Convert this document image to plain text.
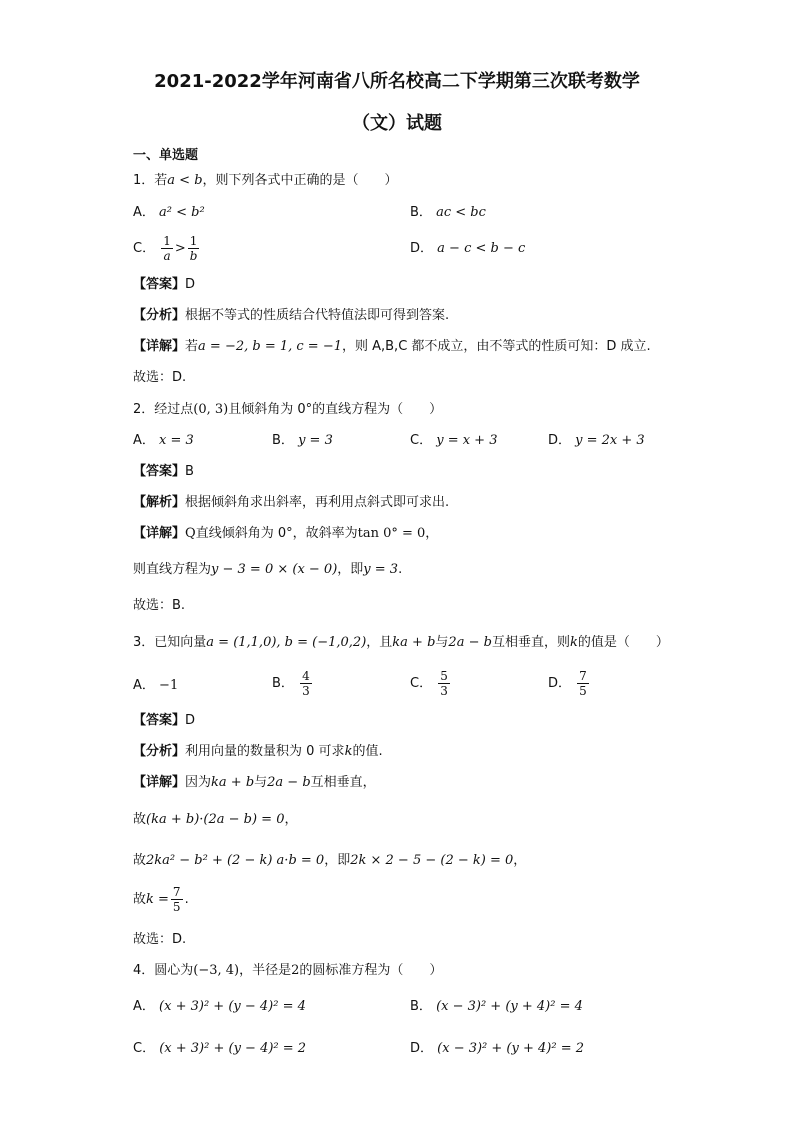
2021-2022学年河南省八所名校高二下学期第三次联考数学
（文）试题
一、单选题
1．若a < b，则下列各式中正确的是（　　）
A． a² < b²	B． ac < bc
C． $\frac{1}{a} > \frac{1}{b}$	D． a − c < b − c
【答案】D
【分析】根据不等式的性质结合代特值法即可得到答案.
【详解】若a = −2, b = 1, c = −1，则 A,B,C 都不成立，由不等式的性质可知：D 成立.
故选：D.
2．经过点(0, 3)且倾斜角为 0°的直线方程为（　　）
A． x = 3	B． y = 3	C． y = x + 3	D． y = 2x + 3
【答案】B
【解析】根据倾斜角求出斜率，再利用点斜式即可求出.
【详解】Q直线倾斜角为 0°，故斜率为tan 0° = 0，
则直线方程为y − 3 = 0 × (x − 0)，即y = 3.
故选：B.
3．已知向量a = (1,1,0), b = (−1,0,2)，且ka + b与2a − b互相垂直，则k的值是（　　）
A． −1	B． $\frac{4}{3}$	C． $\frac{5}{3}$	D． $\frac{7}{5}$
【答案】D
【分析】利用向量的数量积为 0 可求k的值.
【详解】因为ka + b与2a − b互相垂直，
故(ka + b)·(2a − b) = 0，
故2ka² − b² + (2 − k) a·b = 0，即2k × 2 − 5 − (2 − k) = 0，
故$k = \frac{7}{5}$ .
故选：D.
4．圆心为(−3, 4)，半径是2的圆标准方程为（　　）
A． (x + 3)² + (y − 4)² = 4	B． (x − 3)² + (y + 4)² = 4
C． (x + 3)² + (y − 4)² = 2	D． (x − 3)² + (y + 4)² = 2
